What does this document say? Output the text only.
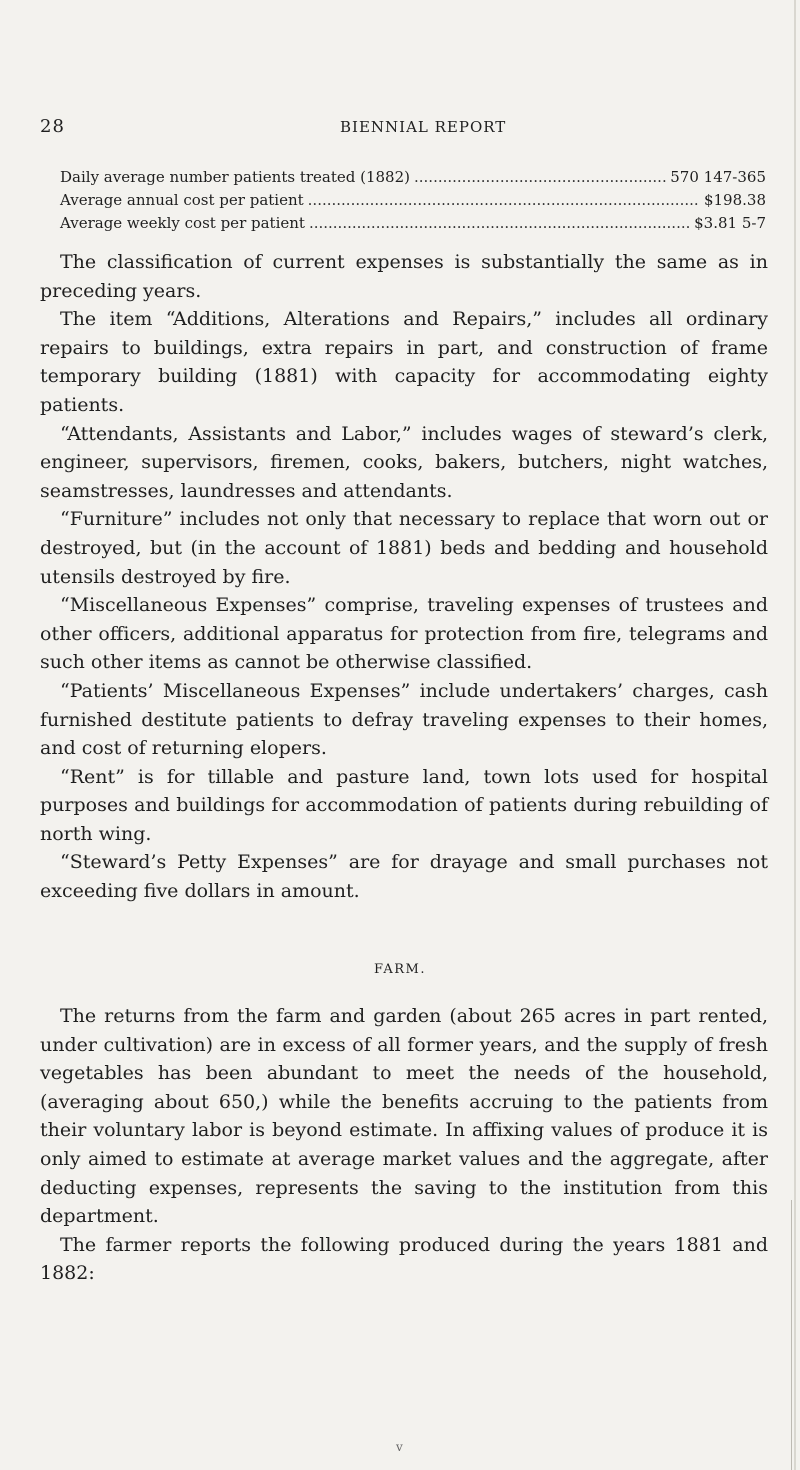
28	BIENNIAL REPORT
Daily average number patients treated (1882) .....	570 147-365
Average annual cost per patient .....	$198.38
Average weekly cost per patient .....	$3.81 5-7

The classification of current expenses is substantially the same as in preceding years.

The item “Additions, Alterations and Repairs,” includes all ordinary repairs to buildings, extra repairs in part, and construction of frame temporary building (1881) with capacity for accommodating eighty patients.

“Attendants, Assistants and Labor,” includes wages of steward’s clerk, engineer, supervisors, firemen, cooks, bakers, butchers, night watches, seamstresses, laundresses and attendants.

“Furniture” includes not only that necessary to replace that worn out or destroyed, but (in the account of 1881) beds and bedding and household utensils destroyed by fire.

“Miscellaneous Expenses” comprise, traveling expenses of trustees and other officers, additional apparatus for protection from fire, telegrams and such other items as cannot be otherwise classified.

“Patients’ Miscellaneous Expenses” include undertakers’ charges, cash furnished destitute patients to defray traveling expenses to their homes, and cost of returning elopers.

“Rent” is for tillable and pasture land, town lots used for hospital purposes and buildings for accommodation of patients during rebuilding of north wing.

“Steward’s Petty Expenses” are for drayage and small purchases not exceeding five dollars in amount.

FARM.

The returns from the farm and garden (about 265 acres in part rented, under cultivation) are in excess of all former years, and the supply of fresh vegetables has been abundant to meet the needs of the household, (averaging about 650,) while the benefits accruing to the patients from their voluntary labor is beyond estimate. In affixing values of produce it is only aimed to estimate at average market values and the aggregate, after deducting expenses, represents the saving to the institution from this department.

The farmer reports the following produced during the years 1881 and 1882:

v
